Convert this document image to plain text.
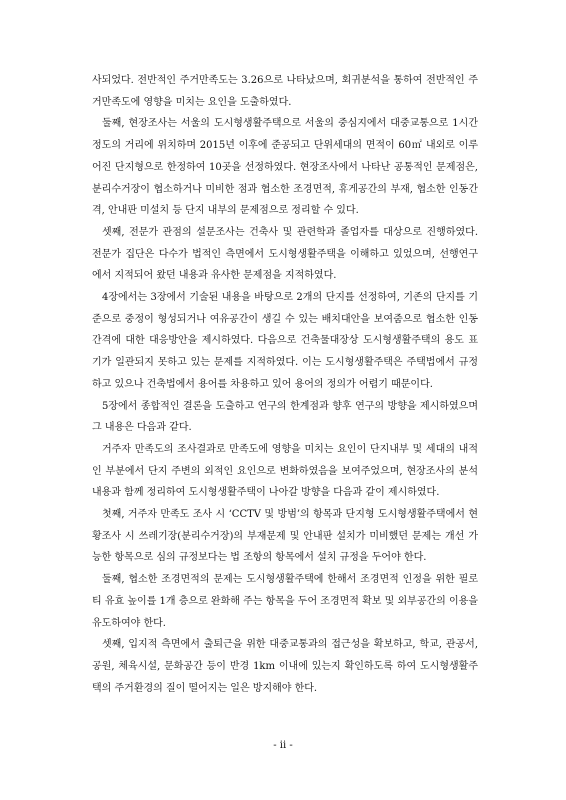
사되었다. 전반적인 주거만족도는 3.26으로 나타났으며, 회귀분석을 통하여 전반적인 주거만족도에 영향을 미치는 요인을 도출하였다.

둘째, 현장조사는 서울의 도시형생활주택으로 서울의 중심지에서 대중교통으로 1시간 정도의 거리에 위치하며 2015년 이후에 준공되고 단위세대의 면적이 60㎡ 내외로 이루어진 단지형으로 한정하여 10곳을 선정하였다. 현장조사에서 나타난 공통적인 문제점은, 분리수거장이 협소하거나 미비한 점과 협소한 조경면적, 휴게공간의 부재, 협소한 인동간격, 안내판 미설치 등 단지 내부의 문제점으로 정리할 수 있다.

셋째, 전문가 관점의 설문조사는 건축사 및 관련학과 졸업자를 대상으로 진행하였다. 전문가 집단은 다수가 법적인 측면에서 도시형생활주택을 이해하고 있었으며, 선행연구에서 지적되어 왔던 내용과 유사한 문제점을 지적하였다.

4장에서는 3장에서 기술된 내용을 바탕으로 2개의 단지를 선정하여, 기존의 단지를 기준으로 중정이 형성되거나 여유공간이 생길 수 있는 배치대안을 보여줌으로 협소한 인동간격에 대한 대응방안을 제시하였다. 다음으로 건축물대장상 도시형생활주택의 용도 표기가 일관되지 못하고 있는 문제를 지적하였다. 이는 도시형생활주택은 주택법에서 규정하고 있으나 건축법에서 용어를 차용하고 있어 용어의 정의가 어렵기 때문이다.

5장에서 종합적인 결론을 도출하고 연구의 한계점과 향후 연구의 방향을 제시하였으며 그 내용은 다음과 같다.

거주자 만족도의 조사결과로 만족도에 영향을 미치는 요인이 단지내부 및 세대의 내적인 부분에서 단지 주변의 외적인 요인으로 변화하였음을 보여주었으며, 현장조사의 분석내용과 함께 정리하여 도시형생활주택이 나아갈 방향을 다음과 같이 제시하였다.

첫째, 거주자 만족도 조사 시 ‘CCTV 및 방범’의 항목과 단지형 도시형생활주택에서 현황조사 시 쓰레기장(분리수거장)의 부재문제 및 안내판 설치가 미비했던 문제는 개선 가능한 항목으로 심의 규정보다는 법 조항의 항목에서 설치 규정을 두어야 한다.

둘째, 협소한 조경면적의 문제는 도시형생활주택에 한해서 조경면적 인정을 위한 필로티 유효 높이를 1개 층으로 완화해 주는 항목을 두어 조경면적 확보 및 외부공간의 이용을 유도하여야 한다.

셋째, 입지적 측면에서 출퇴근을 위한 대중교통과의 접근성을 확보하고, 학교, 관공서, 공원, 체육시설, 문화공간 등이 반경 1km 이내에 있는지 확인하도록 하여 도시형생활주택의 주거환경의 질이 떨어지는 일은 방지해야 한다.

- ii -
